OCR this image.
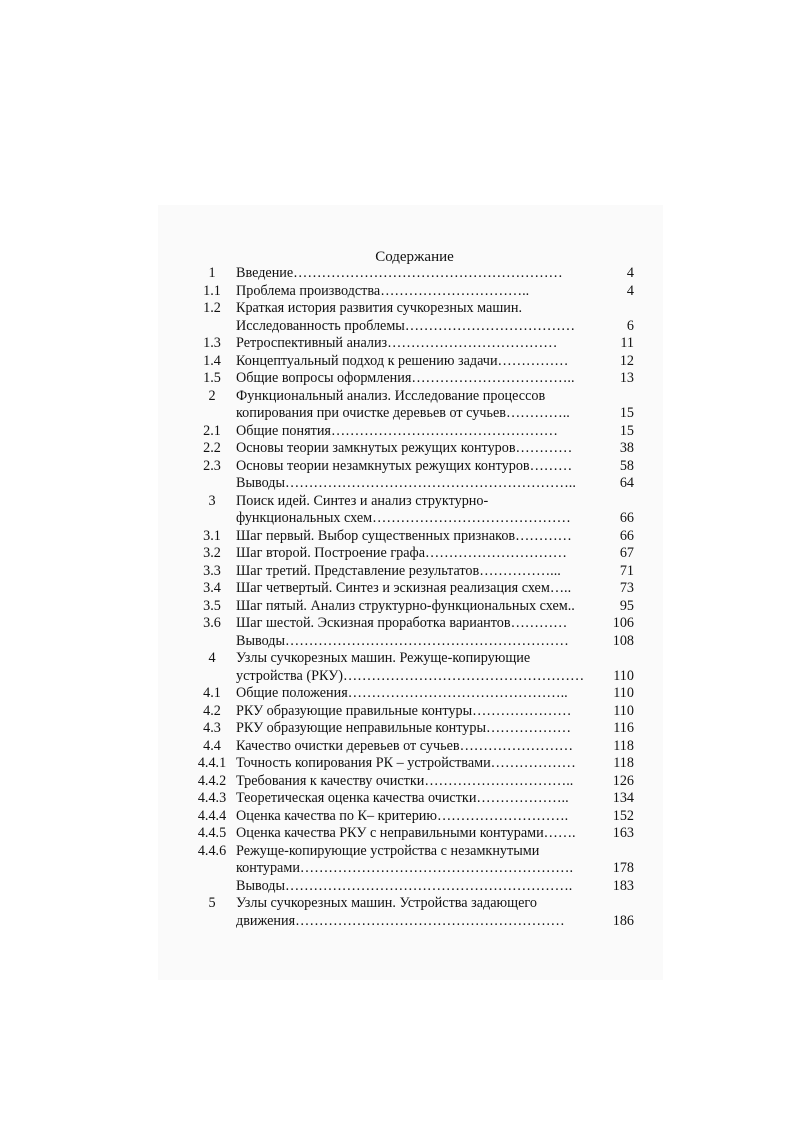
Содержание
1	Введение…………………………………………………	4
1.1	Проблема производства…………………………..	4
1.2	Краткая история развития сучкорезных машин.
Исследованность проблемы………………………………	6
1.3	Ретроспективный анализ………………………………	11
1.4	Концептуальный подход к решению задачи……………	12
1.5	Общие вопросы оформления……………………………..	13
2	Функциональный анализ. Исследование процессов
копирования при очистке деревьев от сучьев…………..	15
2.1	Общие понятия…………………………………………	15
2.2	Основы теории замкнутых режущих контуров…………	38
2.3	Основы теории незамкнутых режущих контуров………	58
Выводы……………………………………………………..	64
3	Поиск идей. Синтез и анализ структурно-
функциональных схем……………………………………	66
3.1	Шаг первый. Выбор существенных признаков…………	66
3.2	Шаг второй. Построение графа…………………………	67
3.3	Шаг третий. Представление результатов……………...	71
3.4	Шаг четвертый. Синтез и эскизная реализация схем…..	73
3.5	Шаг пятый. Анализ структурно-функциональных схем..	95
3.6	Шаг шестой. Эскизная проработка вариантов…………	106
Выводы……………………………………………………	108
4	Узлы сучкорезных машин. Режуще-копирующие
устройства (РКУ)……………………………………………	110
4.1	Общие положения………………………………………..	110
4.2	РКУ образующие правильные контуры…………………	110
4.3	РКУ образующие неправильные контуры………………	116
4.4	Качество очистки деревьев от сучьев……………………	118
4.4.1 Точность копирования РК – устройствами………………	118
4.4.2 Требования к качеству очистки…………………………..	126
4.4.3 Теоретическая оценка качества очистки………………..	134
4.4.4 Оценка качества по К– критерию……………………….	152
4.4.5 Оценка качества РКУ с неправильными контурами…….	163
4.4.6 Режуще-копирующие устройства с незамкнутыми
контурами………………………………………………….	178
Выводы…………………………………………………….	183
5	Узлы сучкорезных машин. Устройства задающего
движения…………………………………………………	186
